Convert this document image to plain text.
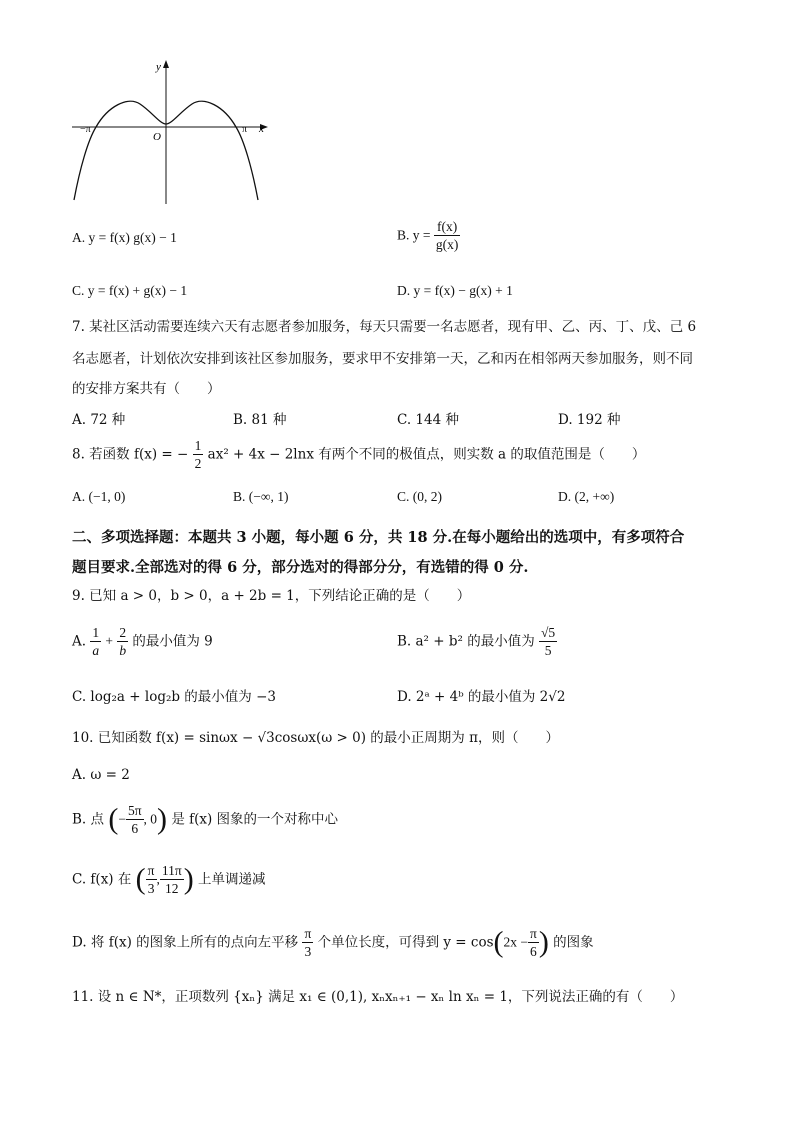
y
x
O
−π	π
A. y = f(x) g(x) − 1	B. $y = \frac{f(x)}{g(x)}$
C. y = f(x) + g(x) − 1	D. y = f(x) − g(x) + 1
7. 某社区活动需要连续六天有志愿者参加服务，每天只需要一名志愿者，现有甲、乙、丙、丁、戊、己 6
名志愿者，计划依次安排到该社区参加服务，要求甲不安排第一天，乙和丙在相邻两天参加服务，则不同
的安排方案共有（　　）
A. 72 种	B. 81 种	C. 144 种	D. 192 种
8. 若函数 f(x) = − $\frac{1}{2} ax^2 + 4x - 2\ln x$ 有两个不同的极值点，则实数 a 的取值范围是（　　）
A. (−1, 0)	B. (−∞, 1)	C. (0, 2)	D. (2, +∞)
二、多项选择题：本题共 3 小题，每小题 6 分，共 18 分.在每小题给出的选项中，有多项符合
题目要求.全部选对的得 6 分，部分选对的得部分分，有选错的得 0 分.
9. 已知 a > 0，b > 0，a + 2b = 1，下列结论正确的是（　　）
A. $\frac{1}{a} + \frac{2}{b}$ 的最小值为 9	B. a² + b² 的最小值为 $\frac{√5}{5}$
C. log₂a + log₂b 的最小值为 −3	D. 2ᵃ + 4ᵇ 的最小值为 2√2
10. 已知函数 f(x) = sinωx − √3cosωx(ω > 0) 的最小正周期为 π，则（　　）
A. ω = 2
B. 点 (− $\frac{5\pi}{6}$ , 0) 是 f(x) 图象的一个对称中心
C. f(x) 在 ( $\frac{\pi}{3}$ , $\frac{11\pi}{12}$ ) 上单调递减
D. 将 f(x) 的图象上所有的点向左平移 $\frac{\pi}{3}$ 个单位长度，可得到 $y = \cos(2x - \frac{\pi}{6}$ ) 的图象
11. 设 n ∈ N*，正项数列 {xₙ} 满足 x₁ ∈ (0,1), xₙxₙ₊₁ − xₙ ln xₙ = 1，下列说法正确的有（　　）
